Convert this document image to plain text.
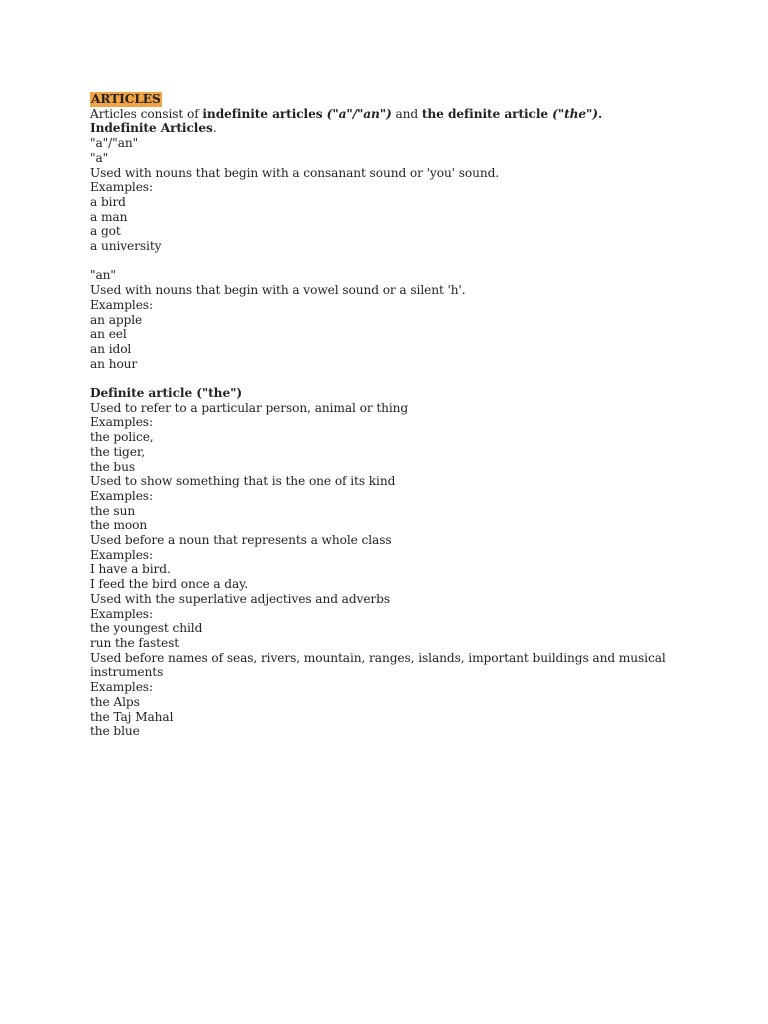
ARTICLES
Articles consist of indefinite articles ("a"/"an") and the definite article ("the").
Indefinite Articles.
"a"/"an"
"a"
Used with nouns that begin with a consanant sound or 'you' sound.
Examples:
a bird
a man
a got
a university
"an"
Used with nouns that begin with a vowel sound or a silent 'h'.
Examples:
an apple
an eel
an idol
an hour
Definite article ("the")
Used to refer to a particular person, animal or thing
Examples:
the police,
the tiger,
the bus
Used to show something that is the one of its kind
Examples:
the sun
the moon
Used before a noun that represents a whole class
Examples:
I have a bird.
I feed the bird once a day.
Used with the superlative adjectives and adverbs
Examples:
the youngest child
run the fastest
Used before names of seas, rivers, mountain, ranges, islands, important buildings and musical instruments
Examples:
the Alps
the Taj Mahal
the blue
